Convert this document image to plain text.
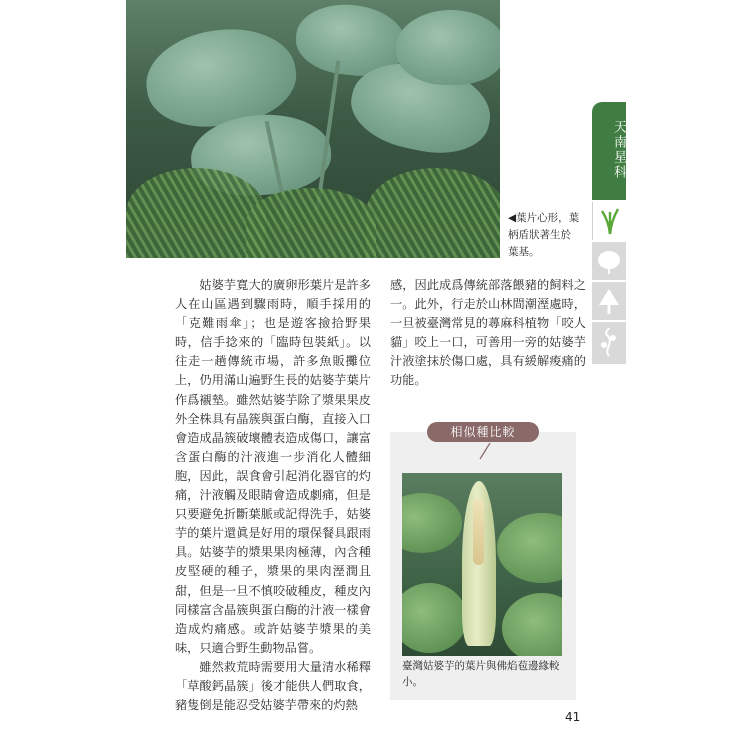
◀葉片心形，葉柄盾狀著生於葉基。
天南星科

姑婆芋寬大的廣卵形葉片是許多人在山區遇到驟雨時，順手採用的「克難雨傘」；也是遊客撿拾野果時，信手捻來的「臨時包裝紙」。以往走一趟傳統市場，許多魚販攤位上，仍用滿山遍野生長的姑婆芋葉片作爲襯墊。雖然姑婆芋除了漿果果皮外全株具有晶簇與蛋白酶，直接入口會造成晶簇破壞體表造成傷口，讓富含蛋白酶的汁液進一步消化人體細胞，因此，誤食會引起消化器官的灼痛，汁液觸及眼睛會造成劇痛，但是只要避免折斷葉脈或記得洗手，姑婆芋的葉片還眞是好用的環保餐具跟雨具。姑婆芋的漿果果肉極薄，內含種皮堅硬的種子，漿果的果肉溼潤且甜，但是一旦不慎咬破種皮，種皮內同樣富含晶簇與蛋白酶的汁液一樣會造成灼痛感。或許姑婆芋漿果的美味，只適合野生動物品嘗。

雖然救荒時需要用大量清水稀釋「草酸鈣晶簇」後才能供人們取食，豬隻倒是能忍受姑婆芋帶來的灼熱

感，因此成爲傳統部落餵豬的飼料之一。此外，行走於山林間潮溼處時，一旦被臺灣常見的蕁麻科植物「咬人貓」咬上一口，可善用一旁的姑婆芋汁液塗抹於傷口處，具有緩解痠痛的功能。

相似種比較
臺灣姑婆芋的葉片與佛焰苞邊緣較小。
41
